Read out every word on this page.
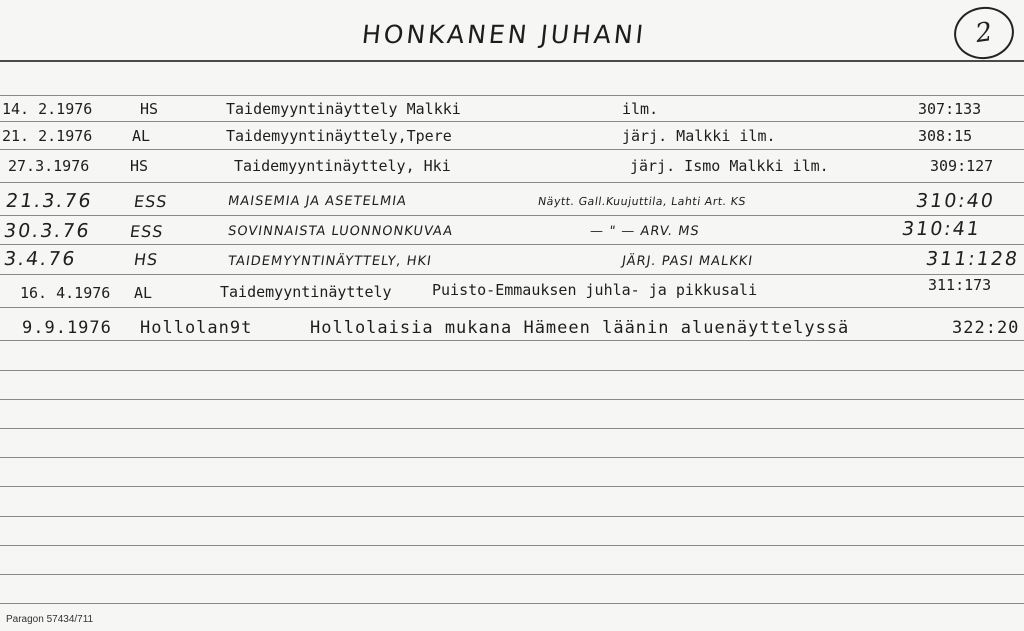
HONKANEN JUHANI	2
14. 2.1976	HS	Taidemyyntinäyttely Malkki	ilm.	307:133
21. 2.1976	AL	Taidemyyntinäyttely,Tpere	järj. Malkki ilm.	308:15
27.3.1976	HS	Taidemyyntinäyttely, Hki	järj. Ismo Malkki ilm.	309:127
21.3.76 ESS	MAISEMIA JA ASETELMIA	Näytt. Gall.Kuujuttila, Lahti Art. KS	310:40
30.3.76 ESS	SOVINNAISTA LUONNONKUVAA	— " — ARV. MS	310:41
3.4.76	HS	TAIDEMYYNTINÄYTTELY, HKI	JÄRJ. PASI MALKKI	311:128
16. 4.1976 AL	Taidemyyntinäyttely	Puisto-Emmauksen juhla- ja pikkusali	311:173
9.9.1976 Hollolan9t	Hollolaisia mukana Hämeen läänin aluenäyttelyssä	322:20
Paragon 57434/711
